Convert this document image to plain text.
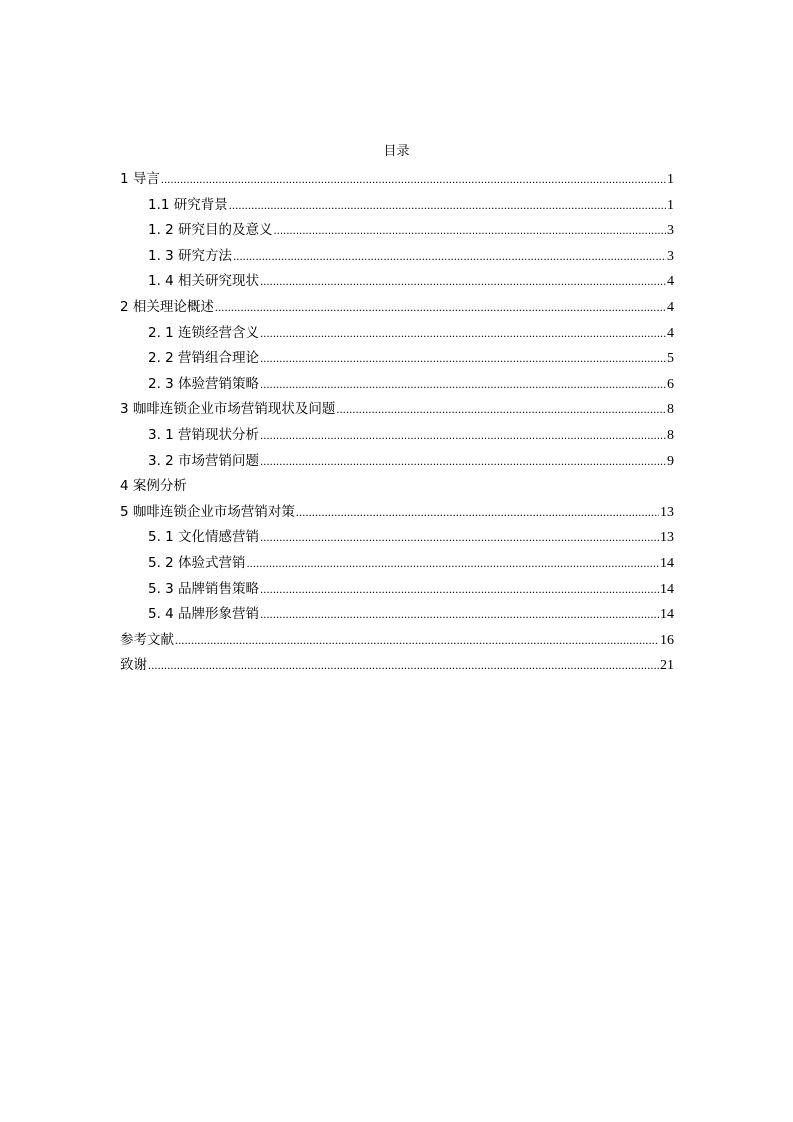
目录
1 导言 .....	1
1.1 研究背景 .....	1
1. 2 研究目的及意义 .....	3
1. 3 研究方法 .....	3
1. 4 相关研究现状 .....	4
2 相关理论概述 .....	4
2. 1 连锁经营含义 .....	4
2. 2 营销组合理论 .....	5
2. 3 体验营销策略 .....	6
3 咖啡连锁企业市场营销现状及问题 .....	8
3. 1 营销现状分析 .....	8
3. 2 市场营销问题 .....	9
4 案例分析
5 咖啡连锁企业市场营销对策 .....	13
5. 1 文化情感营销 .....	13
5. 2 体验式营销 .....	14
5. 3 品牌销售策略 .....	14
5. 4 品牌形象营销 .....	14
参考文献 .....	16
致谢 .....	21
